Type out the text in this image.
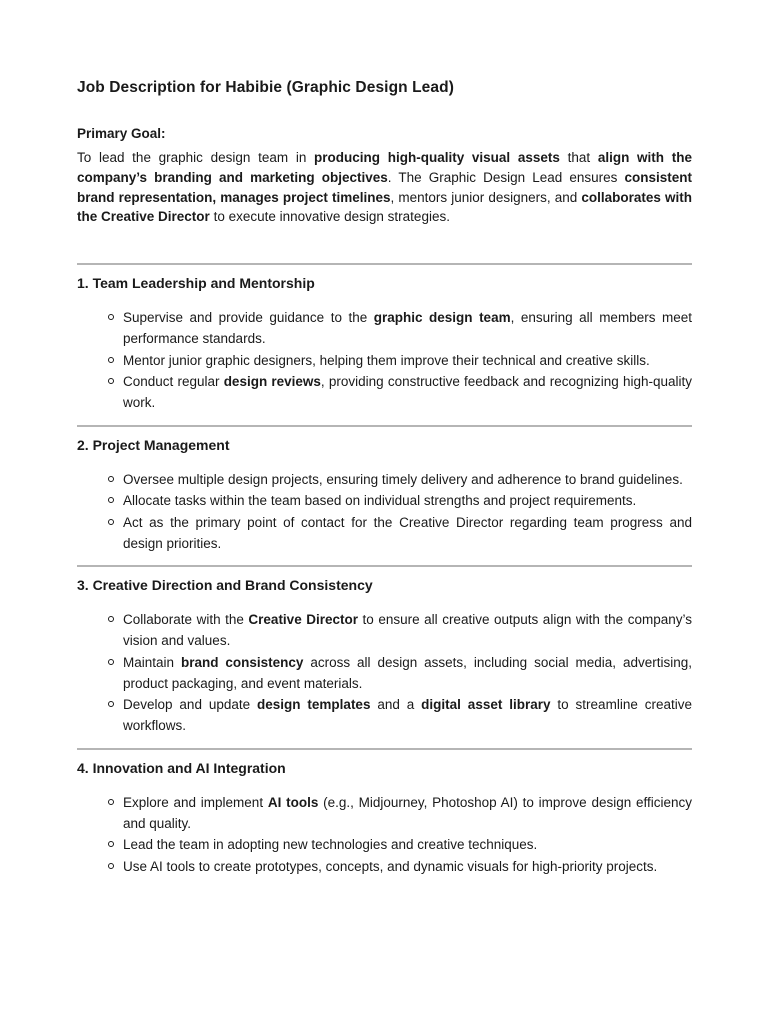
Job Description for Habibie (Graphic Design Lead)
Primary Goal:

To lead the graphic design team in producing high-quality visual assets that align with the company’s branding and marketing objectives. The Graphic Design Lead ensures consistent brand representation, manages project timelines, mentors junior designers, and collaborates with the Creative Director to execute innovative design strategies.

1. Team Leadership and Mentorship
Supervise and provide guidance to the graphic design team, ensuring all members meet performance standards.
Mentor junior graphic designers, helping them improve their technical and creative skills.
Conduct regular design reviews, providing constructive feedback and recognizing high-quality work.
2. Project Management
Oversee multiple design projects, ensuring timely delivery and adherence to brand guidelines.
Allocate tasks within the team based on individual strengths and project requirements.
Act as the primary point of contact for the Creative Director regarding team progress and design priorities.
3. Creative Direction and Brand Consistency
Collaborate with the Creative Director to ensure all creative outputs align with the company’s vision and values.
Maintain brand consistency across all design assets, including social media, advertising, product packaging, and event materials.
Develop and update design templates and a digital asset library to streamline creative workflows.
4. Innovation and AI Integration
Explore and implement AI tools (e.g., Midjourney, Photoshop AI) to improve design efficiency and quality.
Lead the team in adopting new technologies and creative techniques.
Use AI tools to create prototypes, concepts, and dynamic visuals for high-priority projects.
